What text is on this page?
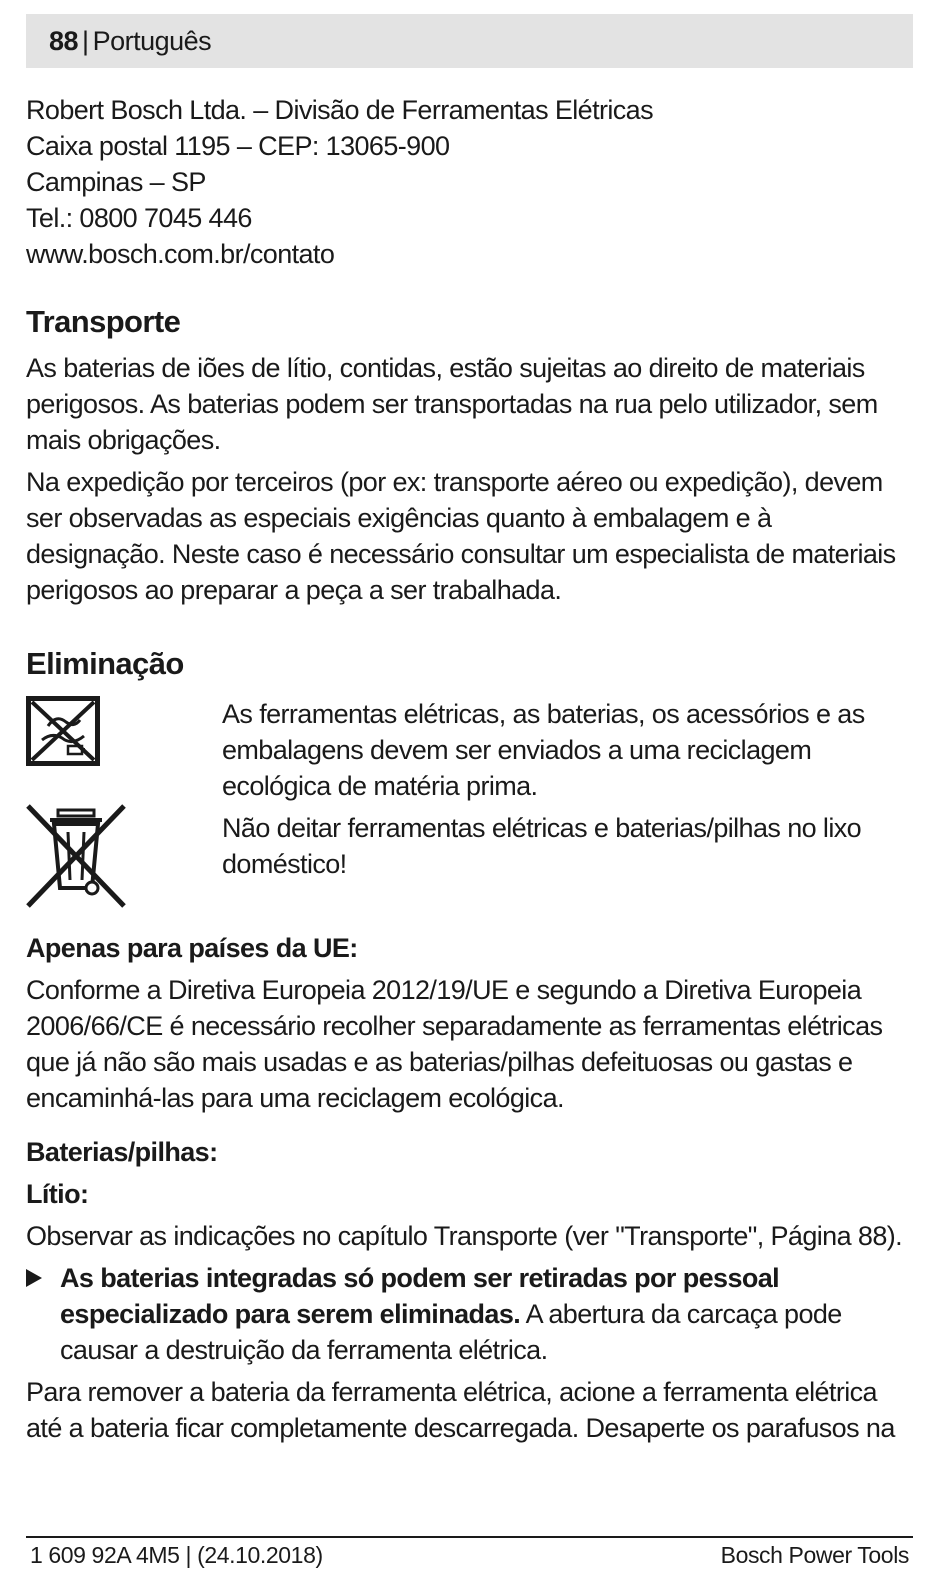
88 | Português
Robert Bosch Ltda. – Divisão de Ferramentas Elétricas
Caixa postal 1195 – CEP: 13065-900
Campinas – SP
Tel.: 0800 7045 446
www.bosch.com.br/contato
Transporte

As baterias de iões de lítio, contidas, estão sujeitas ao direito de materiais perigosos. As baterias podem ser transportadas na rua pelo utilizador, sem mais obrigações.

Na expedição por terceiros (por ex: transporte aéreo ou expedição), devem ser observadas as especiais exigências quanto à embalagem e à designação. Neste caso é necessário consultar um especialista de materiais perigosos ao preparar a peça a ser trabalhada.

Eliminação

As ferramentas elétricas, as baterias, os acessórios e as embalagens devem ser enviados a uma reciclagem ecológica de matéria prima.

Não deitar ferramentas elétricas e baterias/pilhas no lixo doméstico!

Apenas para países da UE:

Conforme a Diretiva Europeia 2012/19/UE e segundo a Diretiva Europeia 2006/66/CE é necessário recolher separadamente as ferramentas elétricas que já não são mais usadas e as baterias/pilhas defeituosas ou gastas e encaminhá-las para uma reciclagem ecológica.

Baterias/pilhas:
Lítio:

Observar as indicações no capítulo Transporte (ver "Transporte", Página 88).

As baterias integradas só podem ser retiradas por pessoal especializado para serem eliminadas. A abertura da carcaça pode causar a destruição da ferramenta elétrica.

Para remover a bateria da ferramenta elétrica, acione a ferramenta elétrica até a bateria ficar completamente descarregada. Desaperte os parafusos na

1 609 92A 4M5 | (24.10.2018)	Bosch Power Tools
